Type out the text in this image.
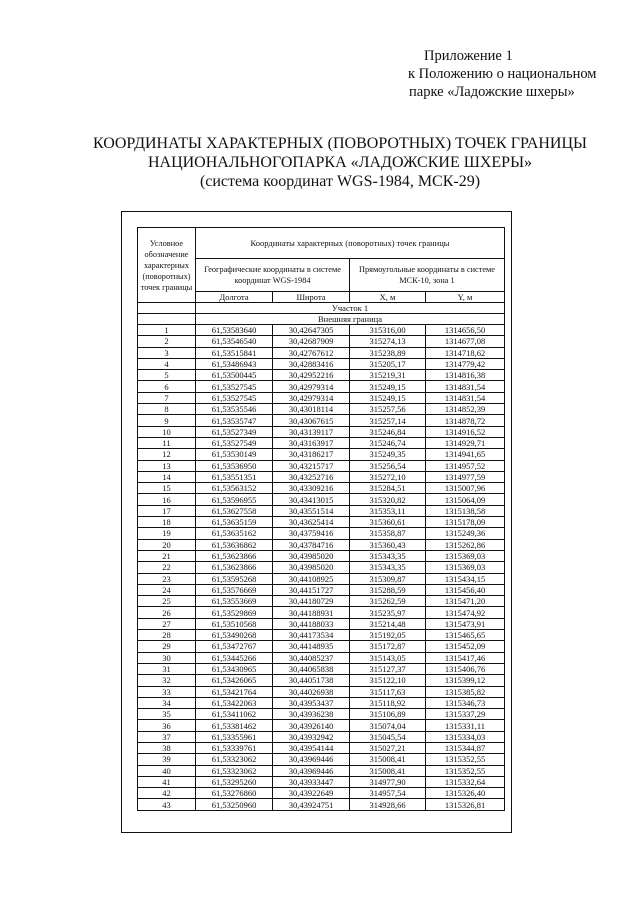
Приложение 1
к Положению о национальном
парке «Ладожские шхеры»
КООРДИНАТЫ ХАРАКТЕРНЫХ (ПОВОРОТНЫХ) ТОЧЕК ГРАНИЦЫ
НАЦИОНАЛЬНОГОПАРКА «ЛАДОЖСКИЕ ШХЕРЫ»
(система координат WGS-1984, МСК-29)
Условное обозначение характерных (поворотных) точек границы	Координаты характерных (поворотных) точек границы			
	Географические координаты в системе координат WGS-1984		Прямоугольные координаты в системе МСК-10, зона 1	
	Долгота	Широта	X, м	Y, м
	Участок 1			
	Внешняя граница			
1	61,53583640	30,42647305	315316,00	1314656,50
2	61,53546540	30,42687909	315274,13	1314677,08
3	61,53515841	30,42767612	315238,89	1314718,62
4	61,53486943	30,42883416	315205,17	1314779,42
5	61,53500445	30,42952216	315219,31	1314816,38
6	61,53527545	30,42979314	315249,15	1314831,54
7	61,53527545	30,42979314	315249,15	1314831,54
8	61,53535546	30,43018114	315257,56	1314852,39
9	61,53535747	30,43067615	315257,14	1314878,72
10	61,53527349	30,43139117	315246,84	1314916,52
11	61,53527549	30,43163917	315246,74	1314929,71
12	61,53530149	30,43186217	315249,35	1314941,65
13	61,53536950	30,43215717	315256,54	1314957,52
14	61,53551351	30,43252716	315272,10	1314977,59
15	61,53563152	30,43309216	315284,51	1315007,96
16	61,53596955	30,43413015	315320,82	1315064,09
17	61,53627558	30,43551514	315353,11	1315138,58
18	61,53635159	30,43625414	315360,61	1315178,09
19	61,53635162	30,43759416	315358,87	1315249,36
20	61,53636862	30,43784716	315360,43	1315262,86
21	61,53623866	30,43985020	315343,35	1315369,03
22	61,53623866	30,43985020	315343,35	1315369,03
23	61,53595268	30,44108925	315309,87	1315434,15
24	61,53576669	30,44151727	315288,59	1315456,40
25	61,53553669	30,44180729	315262,59	1315471,20
26	61,53529869	30,44188931	315235,97	1315474,92
27	61,53510568	30,44188033	315214,48	1315473,91
28	61,53490268	30,44173534	315192,05	1315465,65
29	61,53472767	30,44148935	315172,87	1315452,09
30	61,53445266	30,44085237	315143,05	1315417,46
31	61,53430965	30,44065838	315127,37	1315406,76
32	61,53426065	30,44051738	315122,10	1315399,12
33	61,53421764	30,44026938	315117,63	1315385,82
34	61,53422063	30,43953437	315118,92	1315346,73
35	61,53411062	30,43936238	315106,89	1315337,29
36	61,53381462	30,43926140	315074,04	1315331,11
37	61,53355961	30,43932942	315045,54	1315334,03
38	61,53339761	30,43954144	315027,21	1315344,87
39	61,53323062	30,43969446	315008,41	1315352,55
40	61,53323062	30,43969446	315008,41	1315352,55
41	61,53295260	30,43933447	314977,90	1315332,64
42	61,53276860	30,43922649	314957,54	1315326,40
43	61,53250960	30,43924751	314928,66	1315326,81
